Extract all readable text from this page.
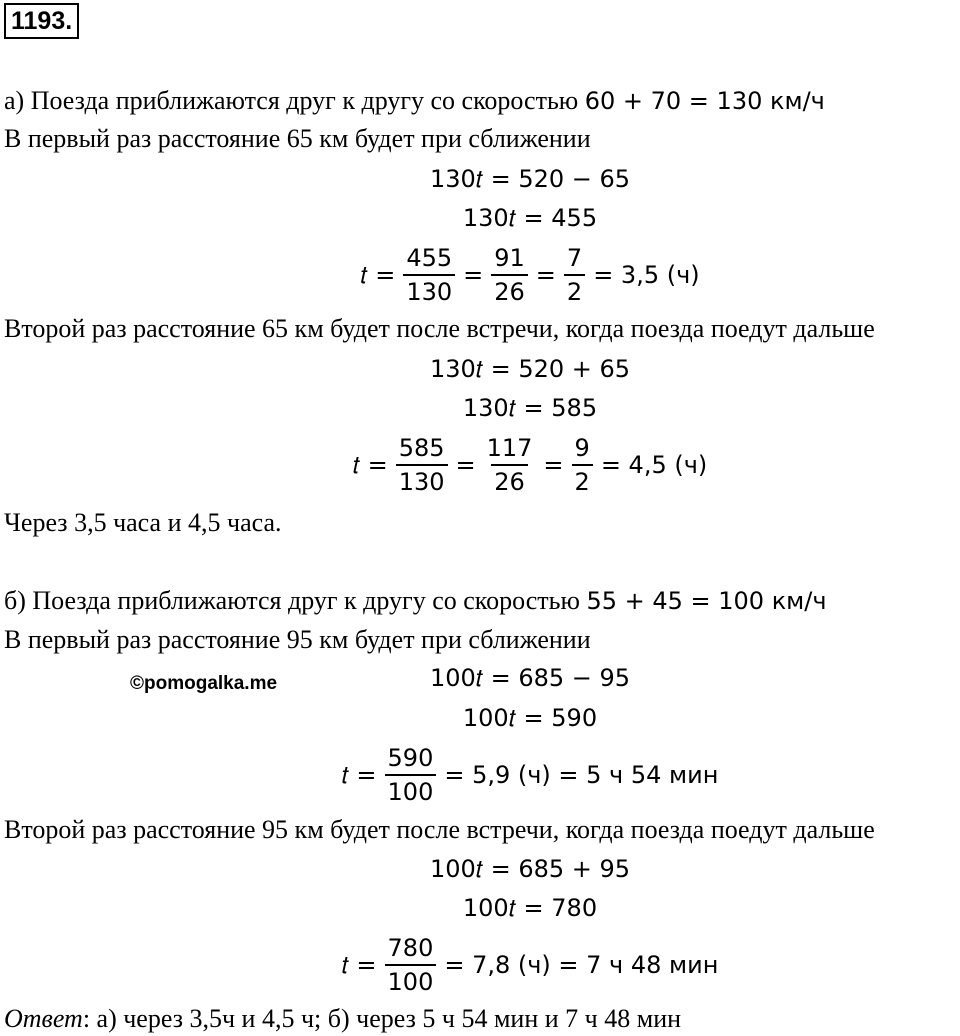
1193.
а) Поезда приближаются друг к другу со скоростью 60 + 70 = 130 км/ч
В первый раз расстояние 65 км будет при сближении
130𝑡 = 520 − 65
130𝑡 = 455
𝑡 = $\frac{455}{130} = \frac{91}{26} = \frac{7}{2} = 3,5$ (ч)
Второй раз расстояние 65 км будет после встречи, когда поезда поедут дальше
130𝑡 = 520 + 65
130𝑡 = 585
𝑡 = $\frac{585}{130} = \frac{117}{26} = \frac{9}{2} = 4,5$ (ч)
Через 3,5 часа и 4,5 часа.
б) Поезда приближаются друг к другу со скоростью 55 + 45 = 100 км/ч
В первый раз расстояние 95 км будет при сближении
©pomogalka.me	100𝑡 = 685 − 95
100𝑡 = 590
𝑡 = $\frac{590}{100} = 5,9$ (ч) = 5 ч 54 мин
Второй раз расстояние 95 км будет после встречи, когда поезда поедут дальше
100𝑡 = 685 + 95
100𝑡 = 780
𝑡 = $\frac{780}{100} = 7,8$ (ч) = 7 ч 48 мин
Ответ: а) через 3,5ч и 4,5 ч; б) через 5 ч 54 мин и 7 ч 48 мин
